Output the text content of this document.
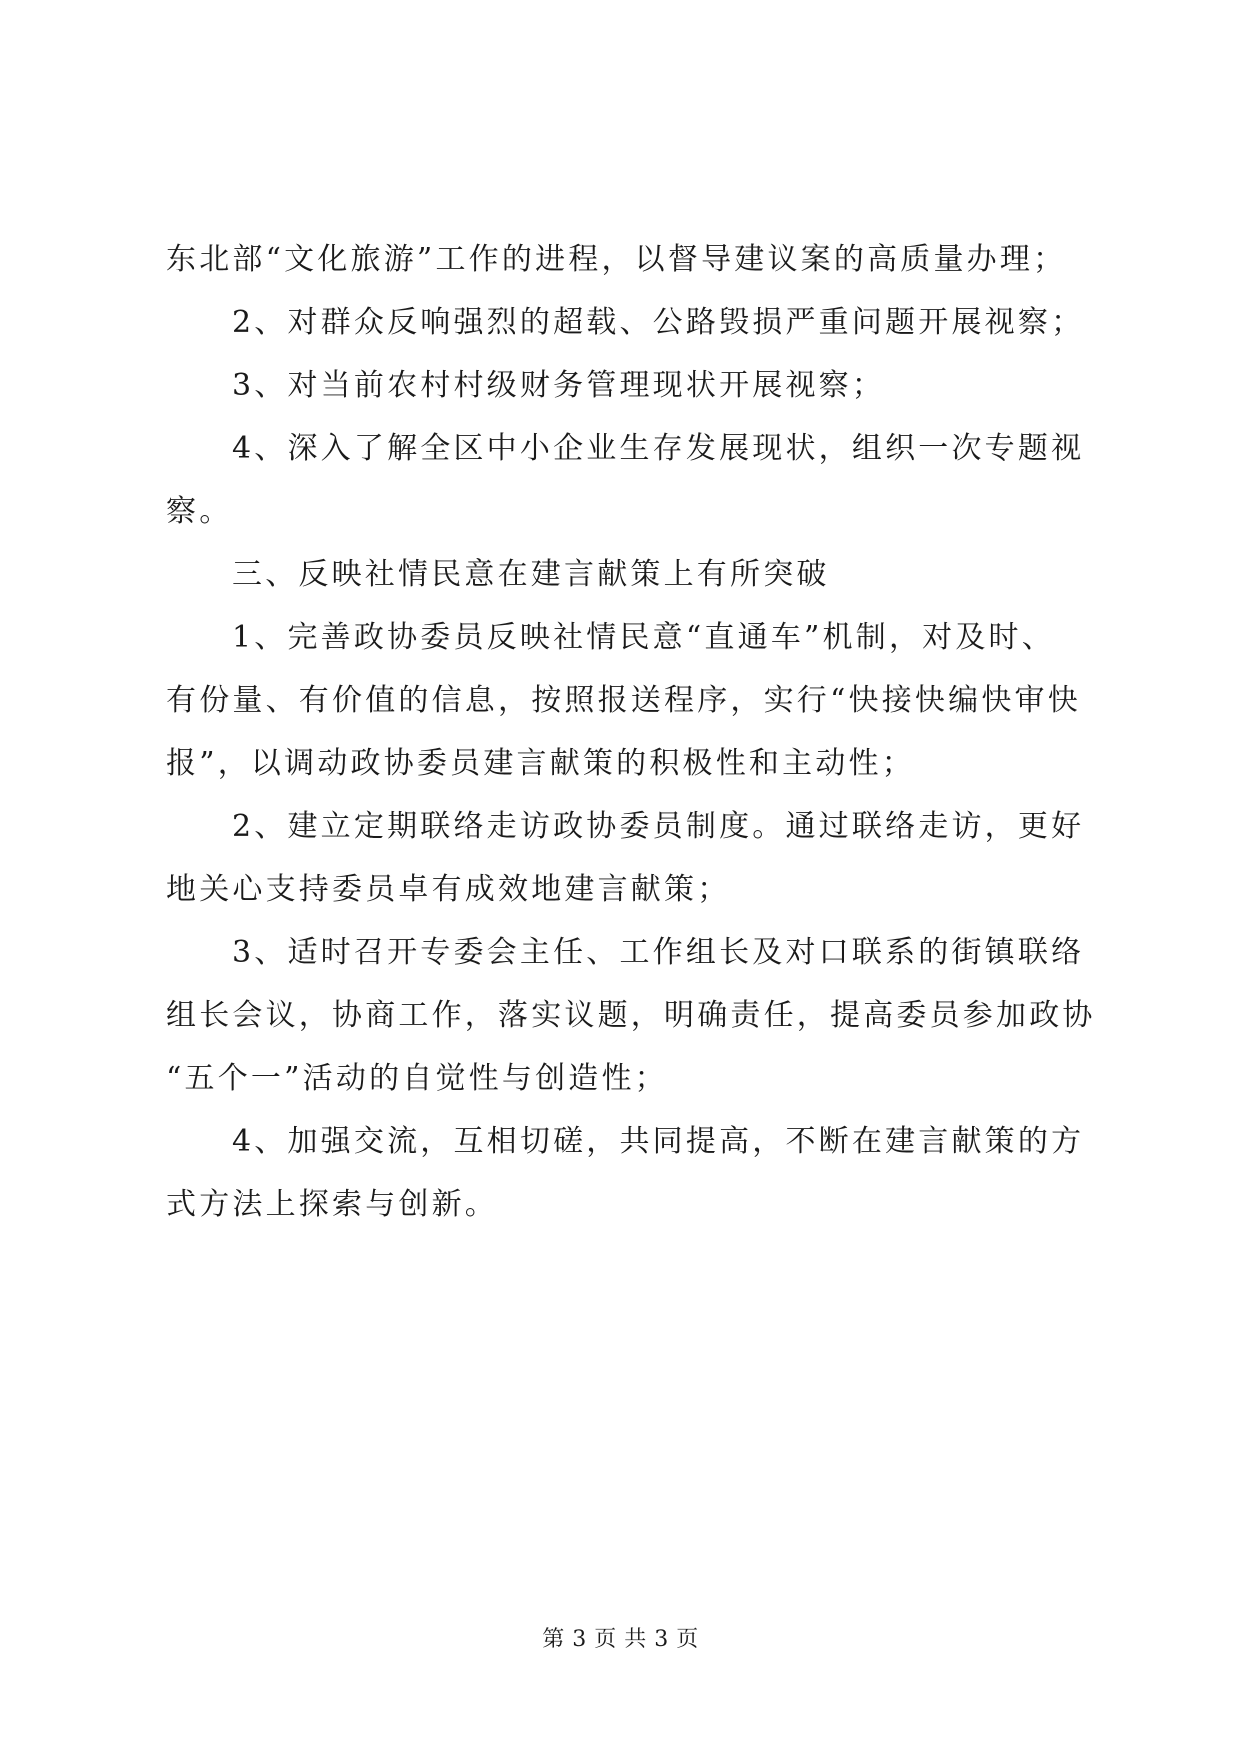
东北部“文化旅游”工作的进程，以督导建议案的高质量办理；
2、对群众反响强烈的超载、公路毁损严重问题开展视察；
3、对当前农村村级财务管理现状开展视察；
4、深入了解全区中小企业生存发展现状，组织一次专题视
察。
三、反映社情民意在建言献策上有所突破
1、完善政协委员反映社情民意“直通车”机制，对及时、
有份量、有价值的信息，按照报送程序，实行“快接快编快审快
报”，以调动政协委员建言献策的积极性和主动性；
2、建立定期联络走访政协委员制度。通过联络走访，更好
地关心支持委员卓有成效地建言献策；
3、适时召开专委会主任、工作组长及对口联系的街镇联络
组长会议，协商工作，落实议题，明确责任，提高委员参加政协
“五个一”活动的自觉性与创造性；
4、加强交流，互相切磋，共同提高，不断在建言献策的方
式方法上探索与创新。
第 3 页 共 3 页
